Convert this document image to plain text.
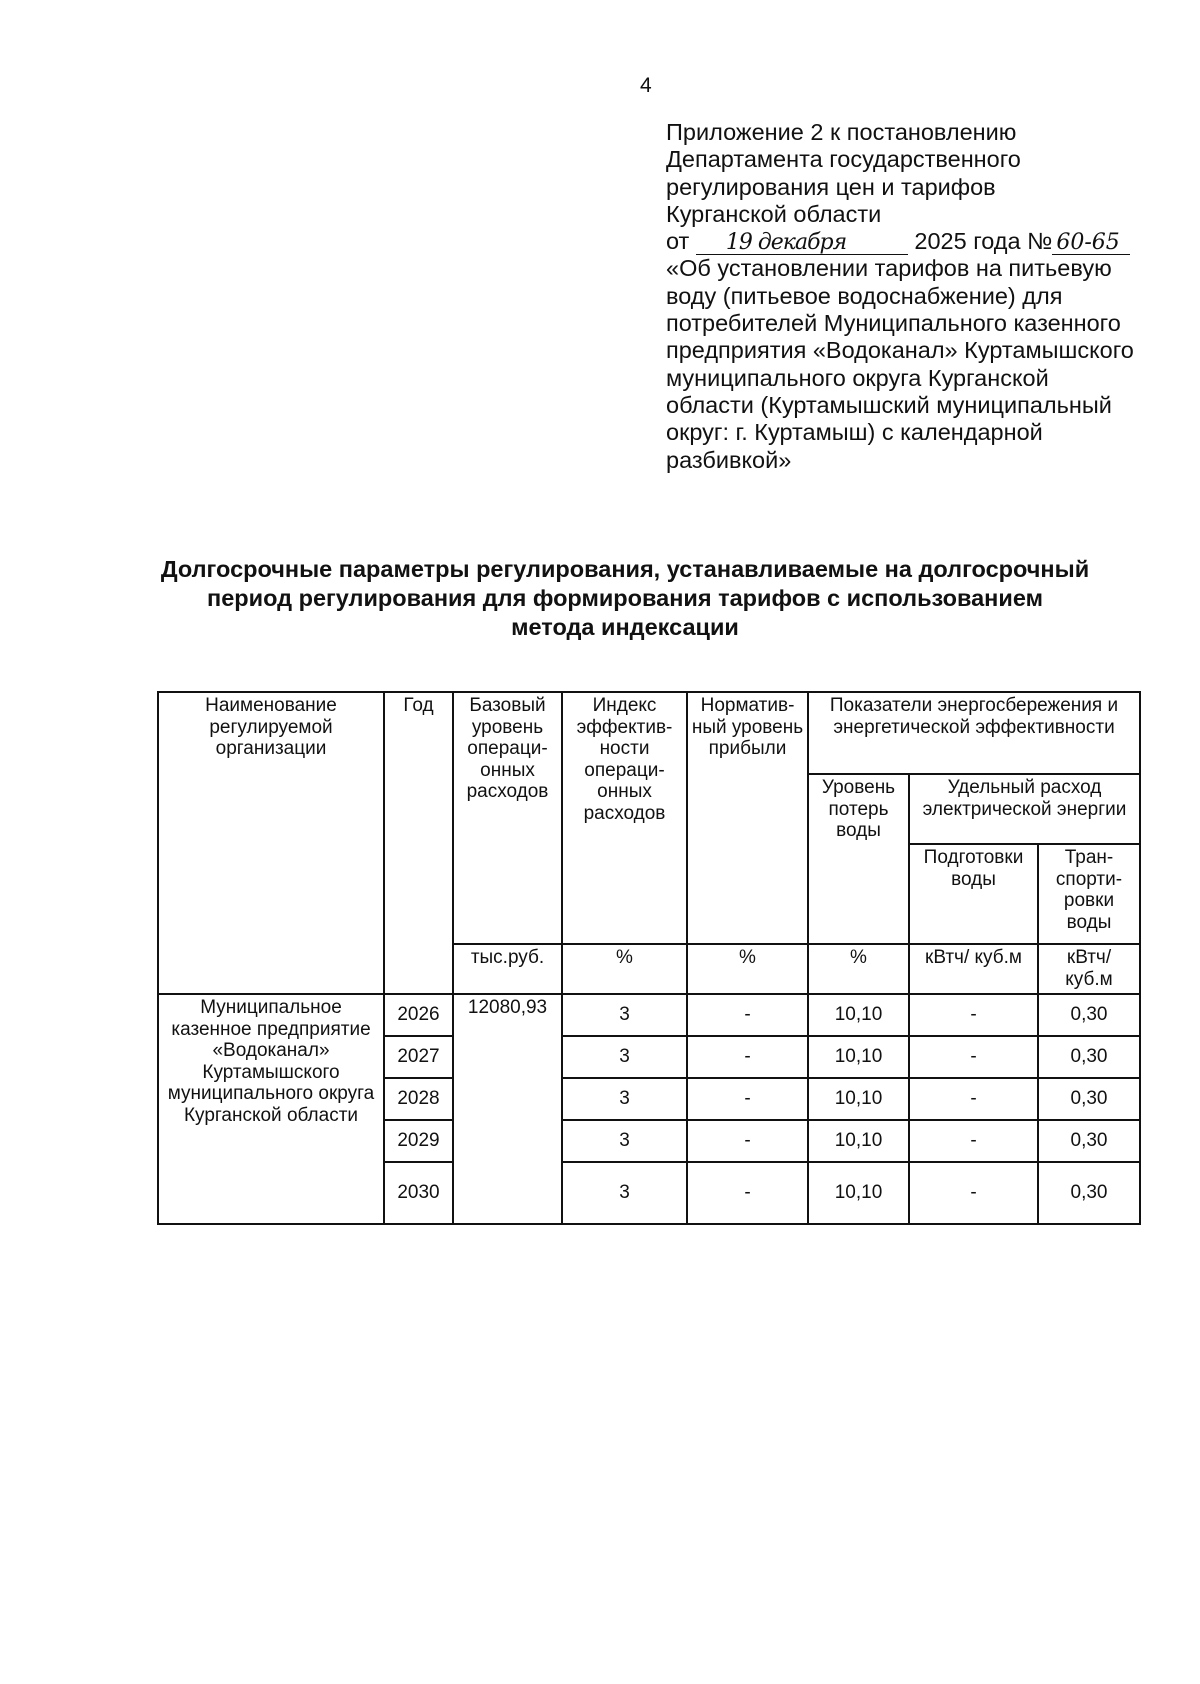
4
Приложение 2 к постановлению
Департамента государственного
регулирования цен и тарифов
Курганской области
от 19 декабря	2025 года № 60-65
«Об установлении тарифов на питьевую
воду (питьевое водоснабжение) для
потребителей Муниципального казенного
предприятия «Водоканал» Куртамышского
муниципального округа Курганской
области (Куртамышский муниципальный
округ: г. Куртамыш) с календарной
разбивкой»
Долгосрочные параметры регулирования, устанавливаемые на долгосрочный
период регулирования для формирования тарифов с использованием
метода индексации
Наименование регулируемой организации	Год	Базовый уровень операци-онных расходов	Индекс эффектив-ности операци-онных расходов	Норматив-ный уровень прибыли	Показатели энергосбережения и энергетической эффективности		
					Уровень потерь воды	Удельный расход электрической энергии	
						Подготовки воды	Тран-спорти-ровки воды
		тыс.руб.	%	%	%	кВтч/ куб.м	кВтч/ куб.м
Муниципальное казенное предприятие «Водоканал» Куртамышского муниципального округа Курганской области	2026	12080,93	3	-	10,10	-	0,30
	2027		3	-	10,10	-	0,30
	2028		3	-	10,10	-	0,30
	2029		3	-	10,10	-	0,30
	2030		3	-	10,10	-	0,30
